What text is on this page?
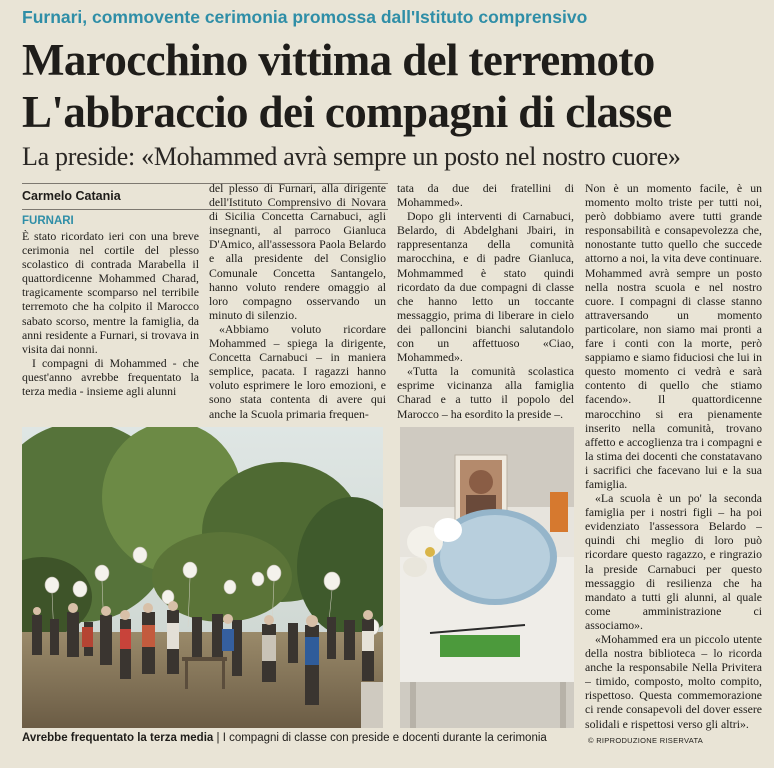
Furnari, commovente cerimonia promossa dall'Istituto comprensivo
Marocchino vittima del terremoto
L'abbraccio dei compagni di classe
La preside: «Mohammed avrà sempre un posto nel nostro cuore»
Carmelo Catania
FURNARI

È stato ricordato ieri con una breve cerimonia nel cortile del plesso scolastico di contrada Marabella il quattordicenne Mohammed Charad, tragicamente scomparso nel terribile terremoto che ha colpito il Marocco sabato scorso, mentre la famiglia, da anni residente a Furnari, si trovava in visita dai nonni.

I compagni di Mohammed - che quest'anno avrebbe frequentato la terza media - insieme agli alunni

del plesso di Furnari, alla dirigente dell'Istituto Comprensivo di Novara di Sicilia Concetta Carnabuci, agli insegnanti, al parroco Gianluca D'Amico, all'assessora Paola Belardo e alla presidente del Consiglio Comunale Concetta Santangelo, hanno voluto rendere omaggio al loro compagno osservando un minuto di silenzio.

«Abbiamo voluto ricordare Mohammed – spiega la dirigente, Concetta Carnabuci – in maniera semplice, pacata. I ragazzi hanno voluto esprimere le loro emozioni, e sono stata contenta di avere qui anche la Scuola primaria frequen-

tata da due dei fratellini di Mohammed».

Dopo gli interventi di Carnabuci, Belardo, di Abdelghani Jbairi, in rappresentanza della comunità marocchina, e di padre Gianluca, Mohmammed è stato quindi ricordato da due compagni di classe che hanno letto un toccante messaggio, prima di liberare in cielo dei palloncini bianchi salutandolo con un affettuoso «Ciao, Mohammed».

«Tutta la comunità scolastica esprime vicinanza alla famiglia Charad e a tutto il popolo del Marocco – ha esordito la preside –.

Non è un momento facile, è un momento molto triste per tutti noi, però dobbiamo avere tutti grande responsabilità e consapevolezza che, nonostante tutto quello che succede attorno a noi, la vita deve continuare. Mohammed avrà sempre un posto nella nostra scuola e nel nostro cuore. I compagni di classe stanno attraversando un momento particolare, non siamo mai pronti a fare i conti con la morte, però sappiamo e siamo fiduciosi che lui in questo momento ci vedrà e sarà contento di quello che stiamo facendo». Il quattordicenne marocchino si era pienamente inserito nella comunità, trovano affetto e accoglienza tra i compagni e la stima dei docenti che constatavano i sacrifici che facevano lui e la sua famiglia.

«La scuola è un po' la seconda famiglia per i nostri figli – ha poi evidenziato l'assessora Belardo – quindi chi meglio di loro può ricordare questo ragazzo, e ringrazio la preside Carnabuci per questo messaggio di resilienza che ha mandato a tutti gli alunni, al quale come amministrazione ci associamo».

«Mohammed era un piccolo utente della nostra biblioteca – lo ricorda anche la responsabile Nella Privitera – timido, composto, molto compito, rispettoso. Questa commemorazione ci rende consapevoli del dover essere solidali e rispettosi verso gli altri».

Avrebbe frequentato la terza media | I compagni di classe con preside e docenti durante la cerimonia	© RIPRODUZIONE RISERVATA
